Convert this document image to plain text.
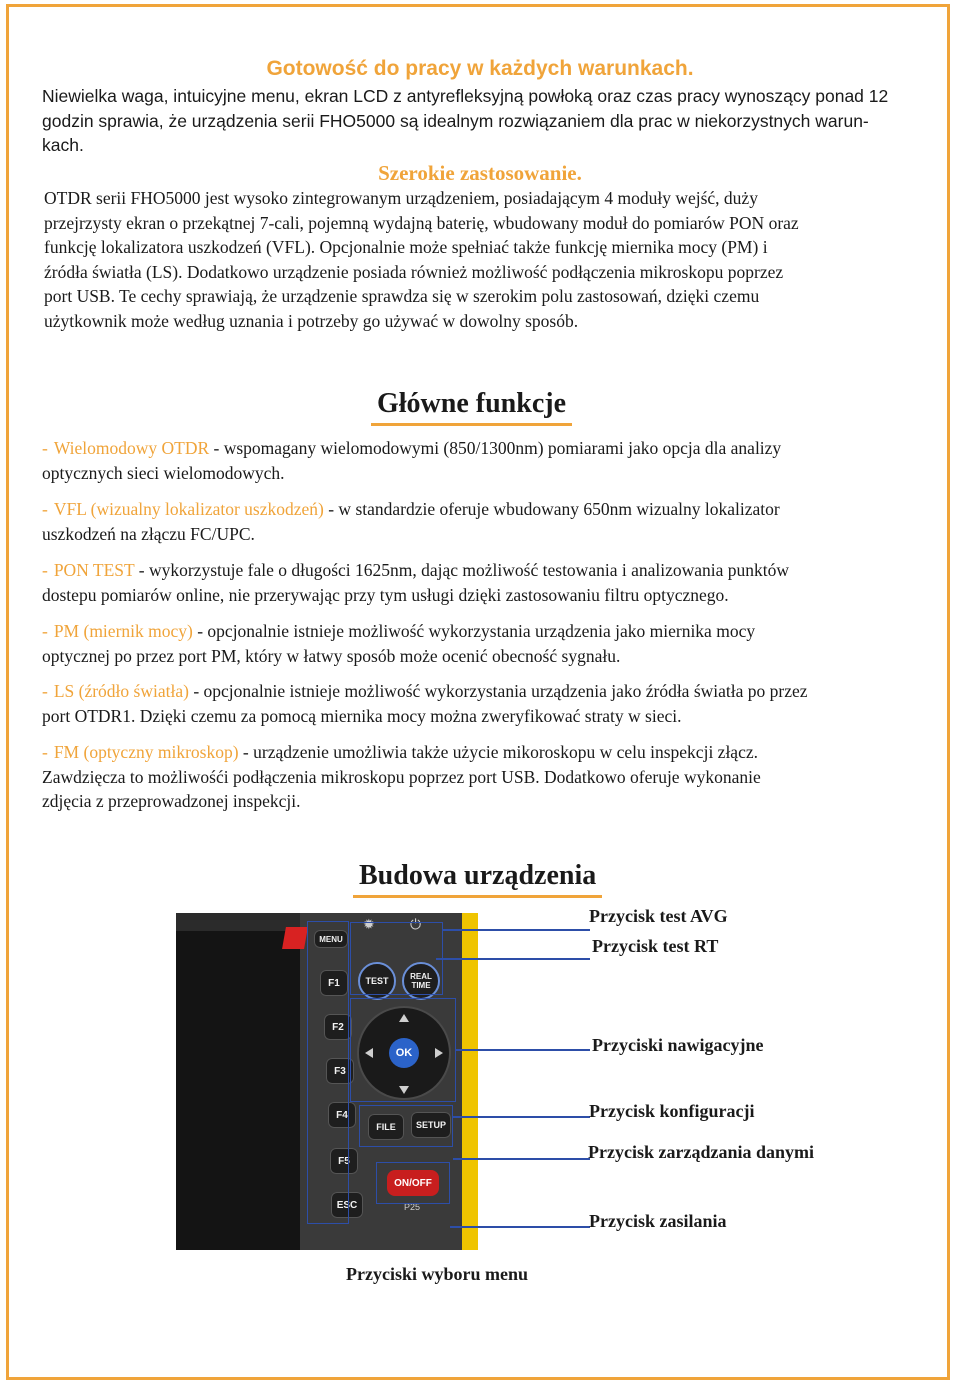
Gotowość do pracy w każdych warunkach.

Niewielka waga, intuicyjne menu, ekran LCD z antyrefleksyjną powłoką oraz czas pracy wynoszący ponad 12

godzin sprawia, że urządzenia serii FHO5000 są idealnym rozwiązaniem dla prac w niekorzystnych warun-

kach.

Szerokie zastosowanie.

OTDR serii FHO5000 jest wysoko zintegrowanym urządzeniem, posiadającym 4 moduły wejść, duży

przejrzysty ekran o przekątnej 7-cali, pojemną wydajną baterię, wbudowany moduł do pomiarów PON oraz

funkcję lokalizatora uszkodzeń (VFL). Opcjonalnie może spełniać także funkcję miernika mocy (PM) i

źródła światła (LS). Dodatkowo urządzenie posiada również możliwość podłączenia mikroskopu poprzez

port USB. Te cechy sprawiają, że urządzenie sprawdza się w szerokim polu zastosowań, dzięki czemu

użytkownik może według uznania i potrzeby go używać w dowolny sposób.

Główne funkcje
- Wielomodowy OTDR - wspomagany wielomodowymi (850/1300nm) pomiarami jako opcja dla analizy
optycznych sieci wielomodowych.
- VFL (wizualny lokalizator uszkodzeń) - w standardzie oferuje wbudowany 650nm wizualny lokalizator
uszkodzeń na złączu FC/UPC.
- PON TEST - wykorzystuje fale o długości 1625nm, dając możliwość testowania i analizowania punktów
dostepu pomiarów online, nie przerywając przy tym usługi dzięki zastosowaniu filtru optycznego.
- PM (miernik mocy) - opcjonalnie istnieje możliwość wykorzystania urządzenia jako miernika mocy
optycznej po przez port PM, który w łatwy sposób może ocenić obecność sygnału.
- LS (źródło światła) - opcjonalnie istnieje możliwość wykorzystania urządzenia jako źródła światła po przez
port OTDR1. Dzięki czemu za pomocą miernika mocy można zweryfikować straty w sieci.
- FM (optyczny mikroskop) - urządzenie umożliwia także użycie mikoroskopu w celu inspekcji złącz.
Zawdzięcza to możliwośći podłączenia mikroskopu poprzez port USB. Dodatkowo oferuje wykonanie
zdjęcia z przeprowadzonej inspekcji.
Budowa urządzenia
MENU
F1
F2
F3
F4
F5
ESC
TEST	REAL
TIME
✹	⏻
OK
FILE	SETUP
ON/OFF
P25
Przycisk test AVG
Przycisk test RT
Przyciski nawigacyjne
Przycisk konfiguracji
Przycisk zarządzania danymi
Przycisk zasilania
Przyciski wyboru menu
